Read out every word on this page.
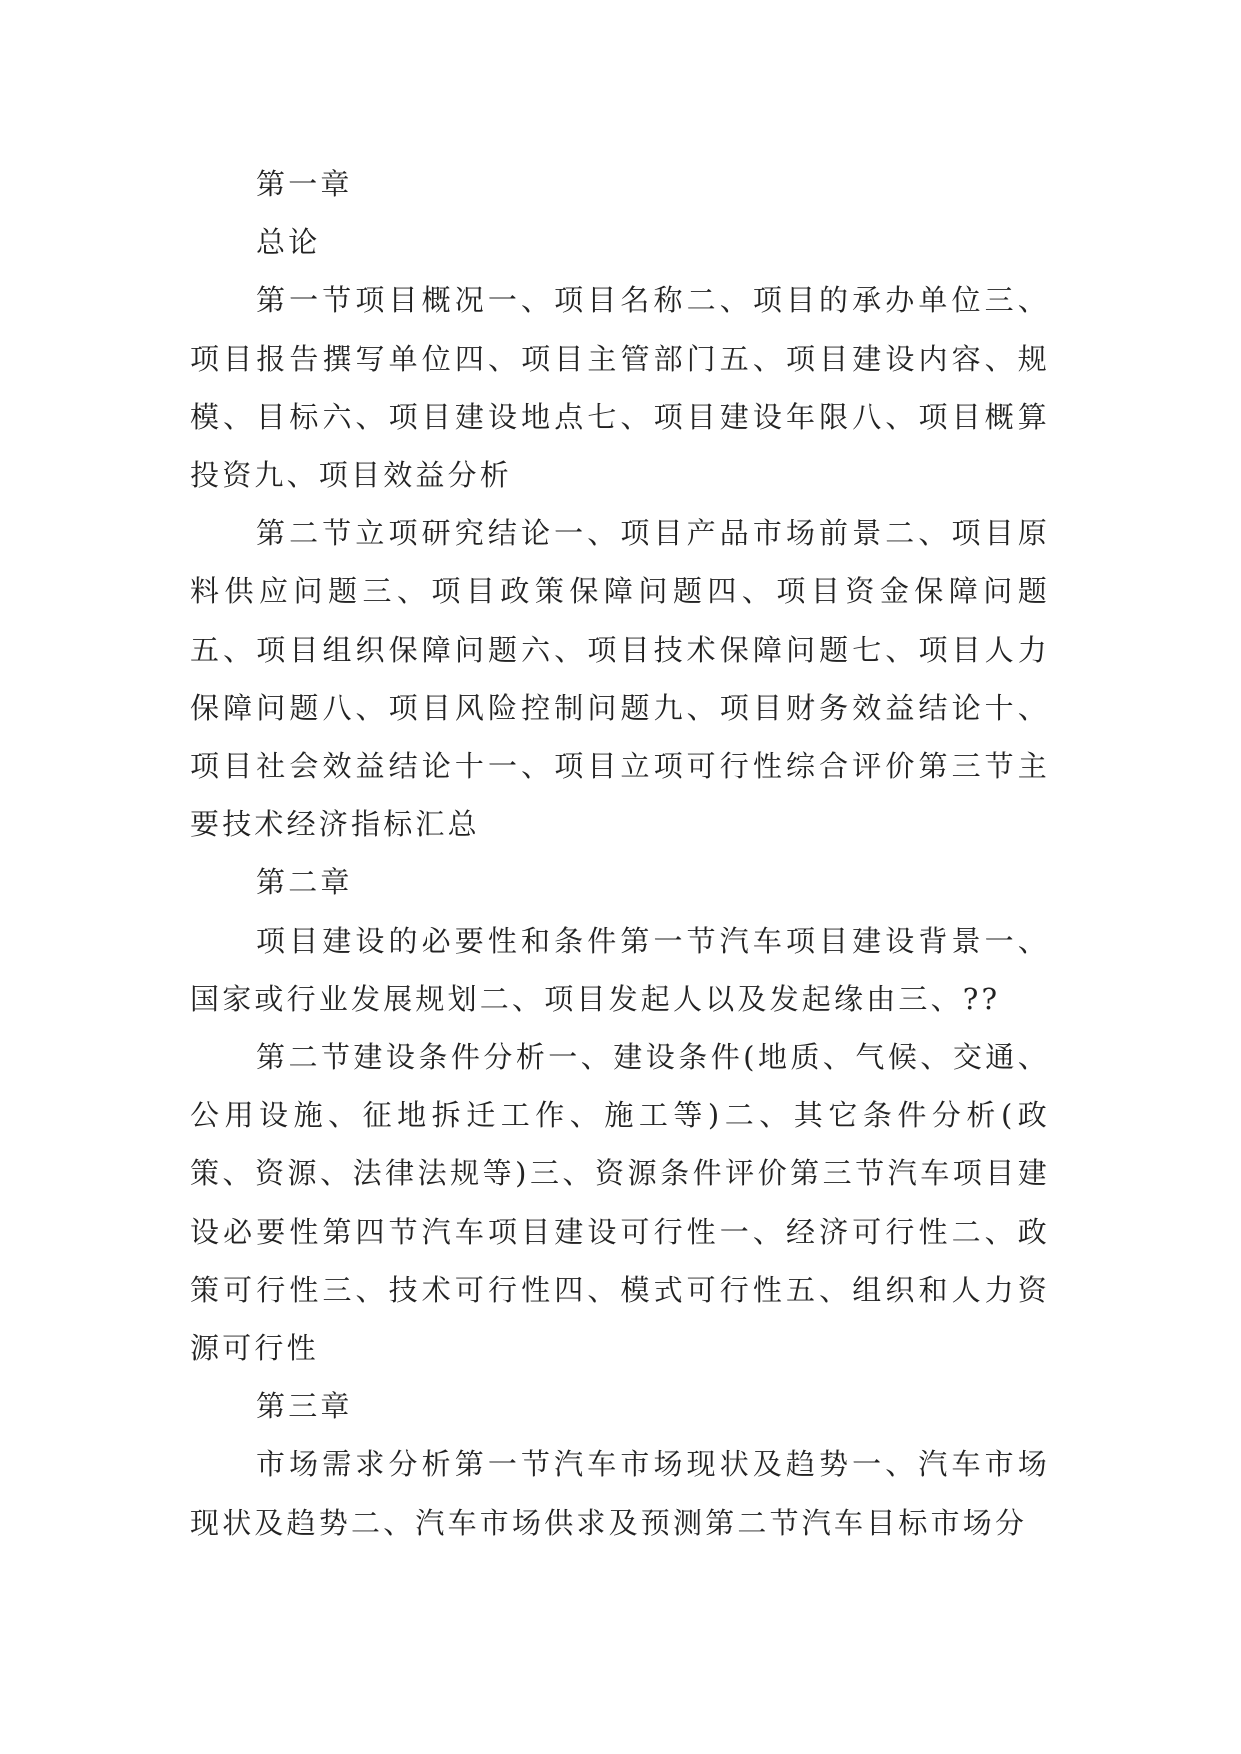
第一章

总论

第一节项目概况一、项目名称二、项目的承办单位三、项目报告撰写单位四、项目主管部门五、项目建设内容、规模、目标六、项目建设地点七、项目建设年限八、项目概算投资九、项目效益分析

第二节立项研究结论一、项目产品市场前景二、项目原料供应问题三、项目政策保障问题四、项目资金保障问题五、项目组织保障问题六、项目技术保障问题七、项目人力保障问题八、项目风险控制问题九、项目财务效益结论十、项目社会效益结论十一、项目立项可行性综合评价第三节主要技术经济指标汇总

第二章

项目建设的必要性和条件第一节汽车项目建设背景一、国家或行业发展规划二、项目发起人以及发起缘由三、??

第二节建设条件分析一、建设条件(地质、气候、交通、公用设施、征地拆迁工作、施工等)二、其它条件分析(政策、资源、法律法规等)三、资源条件评价第三节汽车项目建设必要性第四节汽车项目建设可行性一、经济可行性二、政策可行性三、技术可行性四、模式可行性五、组织和人力资源可行性

第三章

市场需求分析第一节汽车市场现状及趋势一、汽车市场现状及趋势二、汽车市场供求及预测第二节汽车目标市场分
